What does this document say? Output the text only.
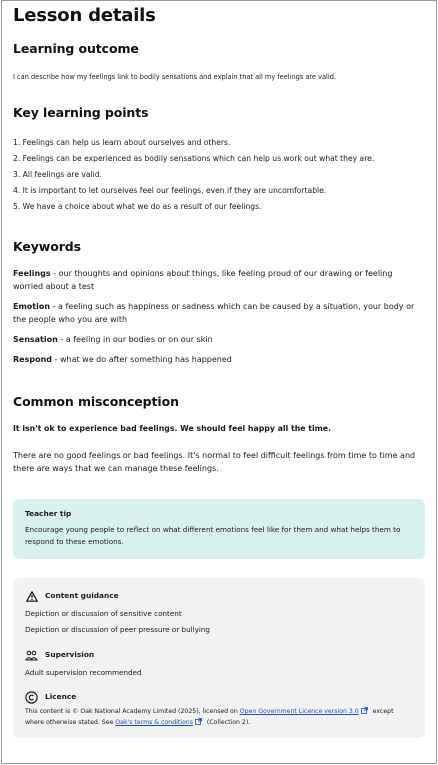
Lesson details
Learning outcome

I can describe how my feelings link to bodily sensations and explain that all my feelings are valid.

Key learning points
1. Feelings can help us learn about ourselves and others.
2. Feelings can be experienced as bodily sensations which can help us work out what they are.
3. All feelings are valid.
4. It is important to let ourselves feel our feelings, even if they are uncomfortable.
5. We have a choice about what we do as a result of our feelings.
Keywords

Feelings - our thoughts and opinions about things, like feeling proud of our drawing or feeling worried about a test

Emotion - a feeling such as happiness or sadness which can be caused by a situation, your body or the people who you are with

Sensation - a feeling in our bodies or on our skin

Respond - what we do after something has happened

Common misconception

It isn't ok to experience bad feelings. We should feel happy all the time.

There are no good feelings or bad feelings. It's normal to feel difficult feelings from time to time and there are ways that we can manage these feelings.

Teacher tip

Encourage young people to reflect on what different emotions feel like for them and what helps them to respond to these emotions.

Content guidance

Depiction or discussion of sensitive content

Depiction or discussion of peer pressure or bullying

Supervision

Adult supervision recommended

Licence

This content is © Oak National Academy Limited (2025), licensed on Open Government Licence version 3.0 except where otherwise stated. See Oak's terms & conditions (Collection 2).
